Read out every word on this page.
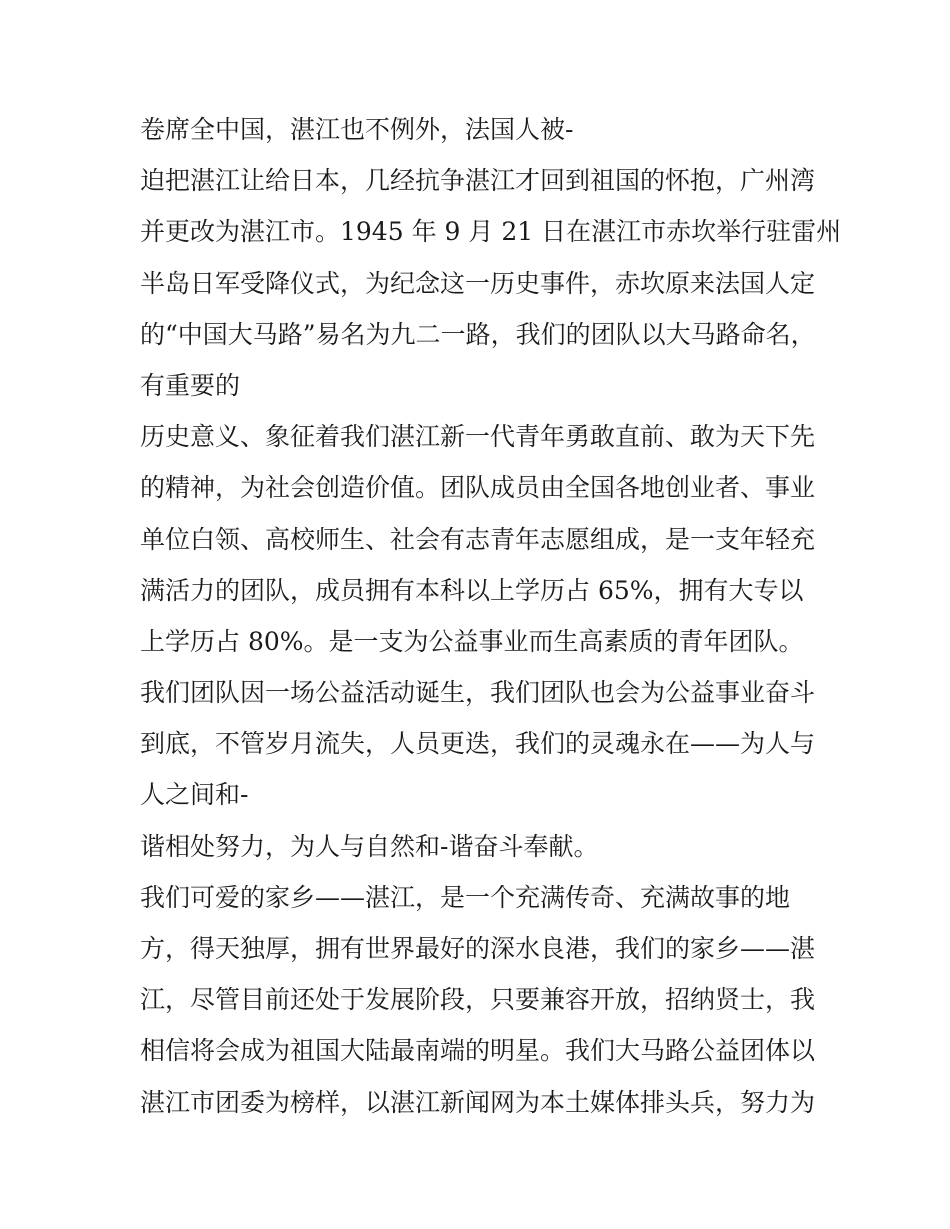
卷席全中国，湛江也不例外，法国人被-
迫把湛江让给日本，几经抗争湛江才回到祖国的怀抱，广州湾
并更改为湛江市。1945 年 9 月 21 日在湛江市赤坎举行驻雷州
半岛日军受降仪式，为纪念这一历史事件，赤坎原来法国人定
的“中国大马路”易名为九二一路，我们的团队以大马路命名，
有重要的
历史意义、象征着我们湛江新一代青年勇敢直前、敢为天下先
的精神，为社会创造价值。团队成员由全国各地创业者、事业
单位白领、高校师生、社会有志青年志愿组成，是一支年轻充
满活力的团队，成员拥有本科以上学历占 65%，拥有大专以
上学历占 80%。是一支为公益事业而生高素质的青年团队。
我们团队因一场公益活动诞生，我们团队也会为公益事业奋斗
到底，不管岁月流失，人员更迭，我们的灵魂永在——为人与
人之间和-
谐相处努力，为人与自然和-谐奋斗奉献。
我们可爱的家乡——湛江，是一个充满传奇、充满故事的地
方，得天独厚，拥有世界最好的深水良港，我们的家乡——湛
江，尽管目前还处于发展阶段，只要兼容开放，招纳贤士，我
相信将会成为祖国大陆最南端的明星。我们大马路公益团体以
湛江市团委为榜样，以湛江新闻网为本土媒体排头兵，努力为
